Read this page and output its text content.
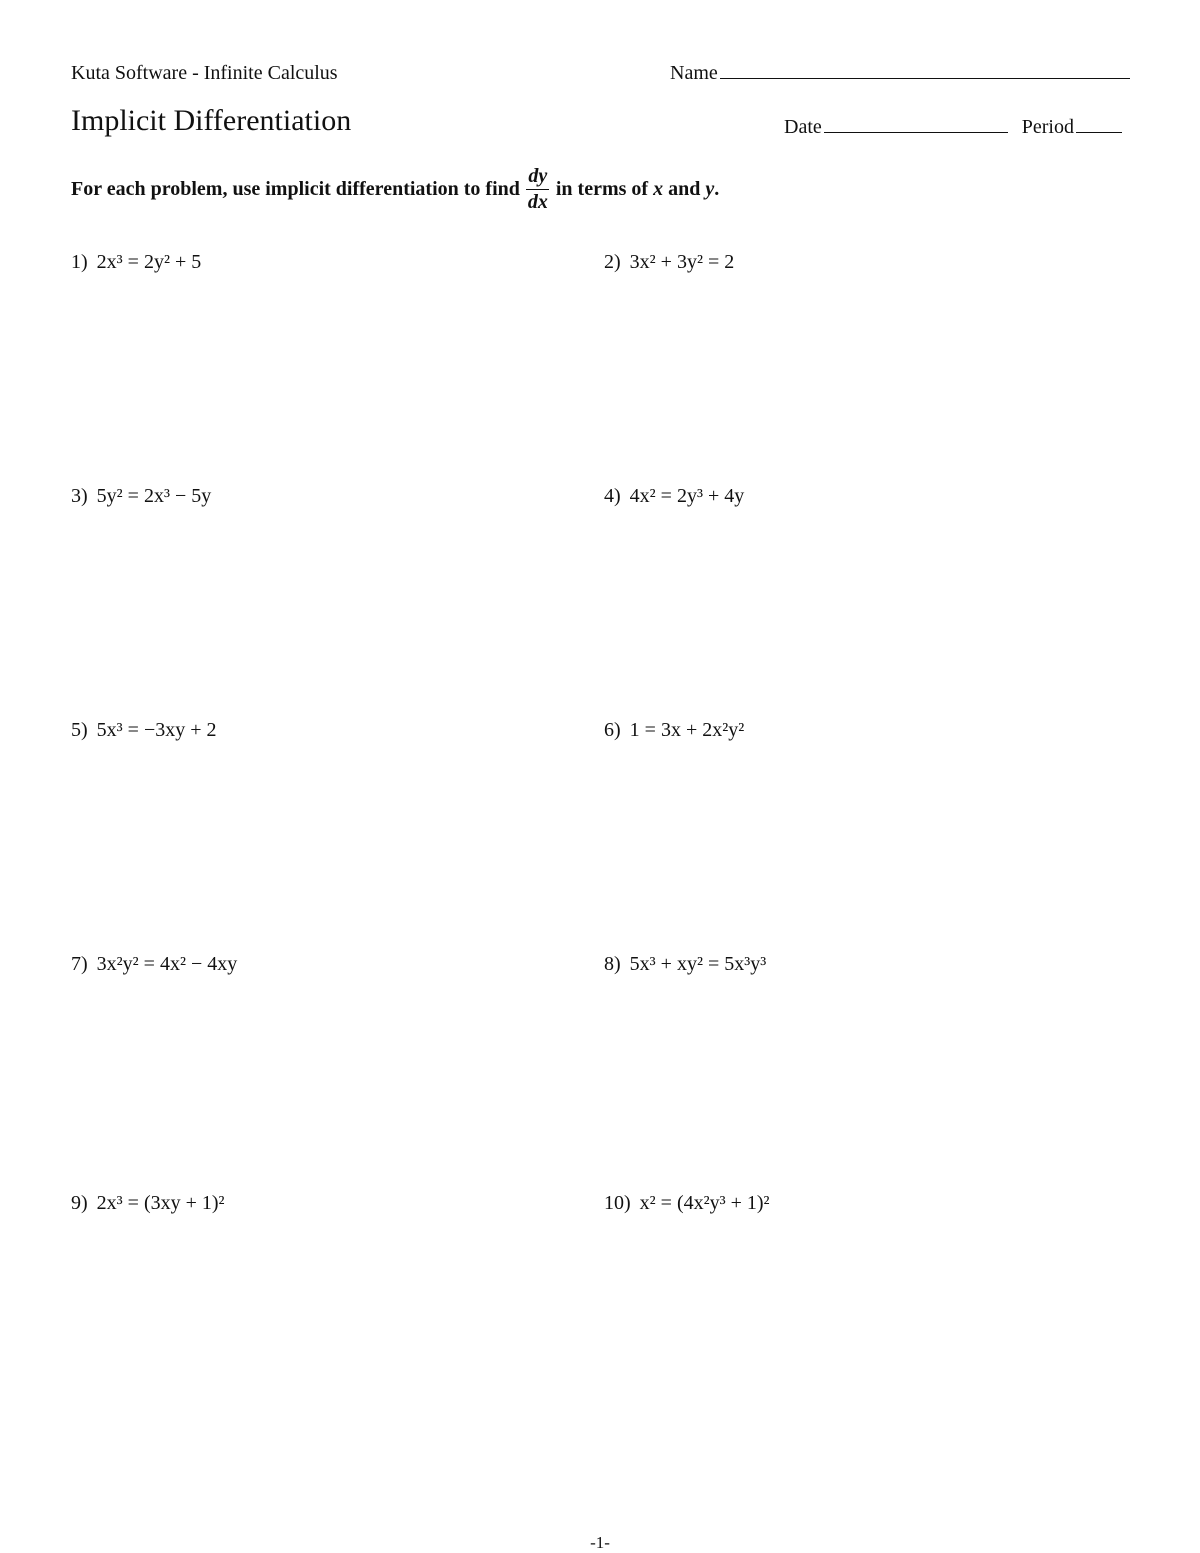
Kuta Software - Infinite Calculus	Name
Implicit Differentiation	Date	Period
For each problem, use implicit differentiation to find $\frac{dy}{dx}$ in terms of
x
and
y .
1) 2x³ = 2y² + 5	2) 3x² + 3y² = 2
3) 5y² = 2x³ − 5y	4) 4x² = 2y³ + 4y
5) 5x³ = −3xy + 2	6) 1 = 3x + 2x²y²
7) 3x²y² = 4x² − 4xy	8) 5x³ + xy² = 5x³y³
9) 2x³ = (3xy + 1)²	10) x² = (4x²y³ + 1)²
-1-
